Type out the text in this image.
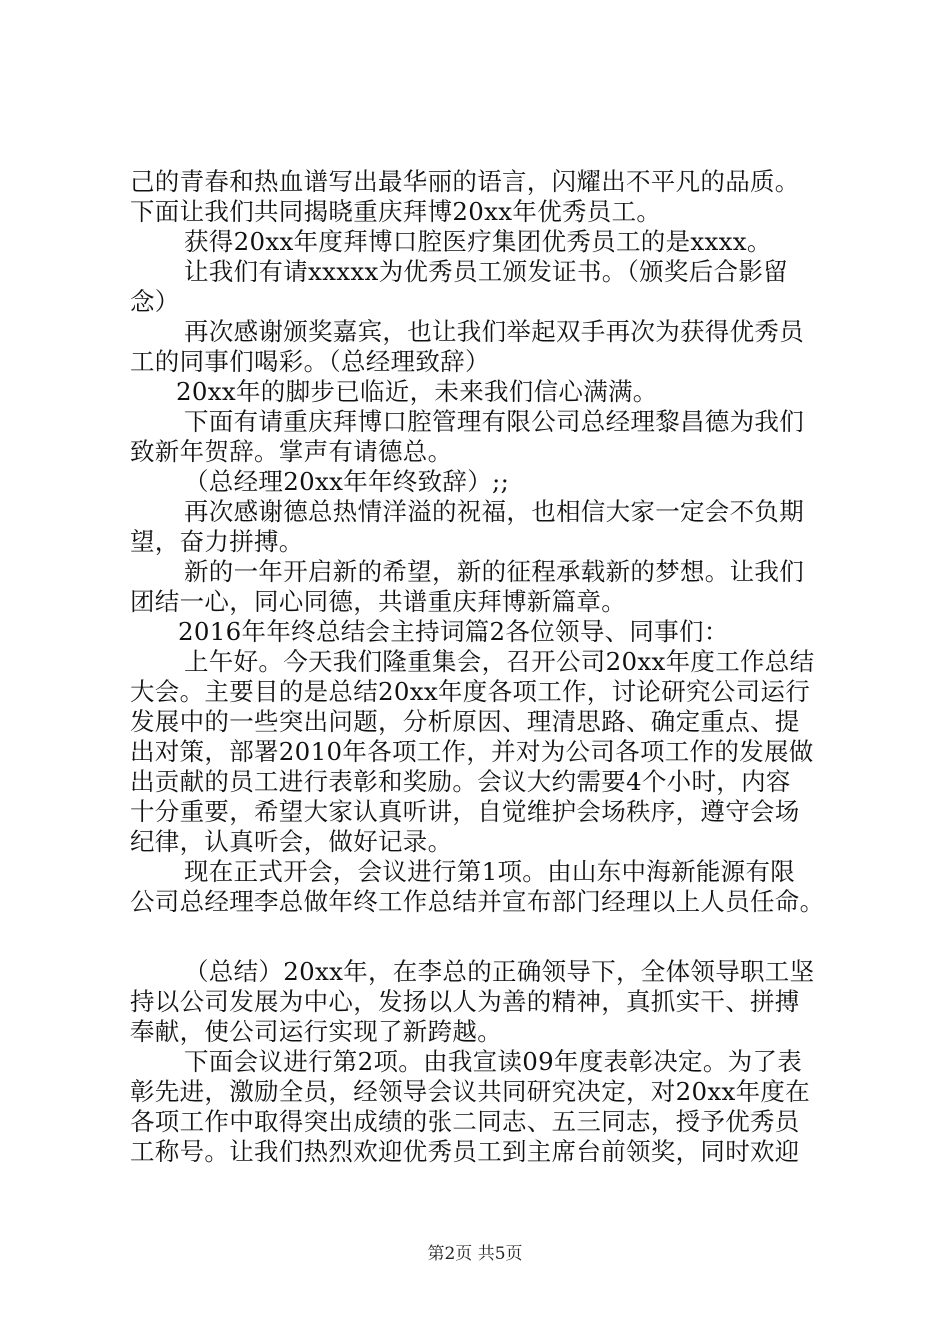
己的青春和热血谱写出最华丽的语言，闪耀出不平凡的品质。
下面让我们共同揭晓重庆拜博20xx年优秀员工。
获得20xx年度拜博口腔医疗集团优秀员工的是xxxx。
让我们有请xxxxx为优秀员工颁发证书。（颁奖后合影留
念）
再次感谢颁奖嘉宾，也让我们举起双手再次为获得优秀员
工的同事们喝彩。（总经理致辞）
20xx年的脚步已临近，未来我们信心满满。
下面有请重庆拜博口腔管理有限公司总经理黎昌德为我们
致新年贺辞。掌声有请德总。
（总经理20xx年年终致辞）;;
再次感谢德总热情洋溢的祝福，也相信大家一定会不负期
望，奋力拼搏。
新的一年开启新的希望，新的征程承载新的梦想。让我们
团结一心，同心同德，共谱重庆拜博新篇章。
2016年年终总结会主持词篇2各位领导、同事们：
上午好。今天我们隆重集会，召开公司20xx年度工作总结
大会。主要目的是总结20xx年度各项工作，讨论研究公司运行
发展中的一些突出问题，分析原因、理清思路、确定重点、提
出对策，部署2010年各项工作，并对为公司各项工作的发展做
出贡献的员工进行表彰和奖励。会议大约需要4个小时，内容
十分重要，希望大家认真听讲，自觉维护会场秩序，遵守会场
纪律，认真听会，做好记录。
现在正式开会，会议进行第1项。由山东中海新能源有限
公司总经理李总做年终工作总结并宣布部门经理以上人员任命。
（总结）20xx年，在李总的正确领导下，全体领导职工坚
持以公司发展为中心，发扬以人为善的精神，真抓实干、拼搏
奉献，使公司运行实现了新跨越。
下面会议进行第2项。由我宣读09年度表彰决定。为了表
彰先进，激励全员，经领导会议共同研究决定，对20xx年度在
各项工作中取得突出成绩的张二同志、五三同志，授予优秀员
工称号。让我们热烈欢迎优秀员工到主席台前领奖，同时欢迎
第2页 共5页
